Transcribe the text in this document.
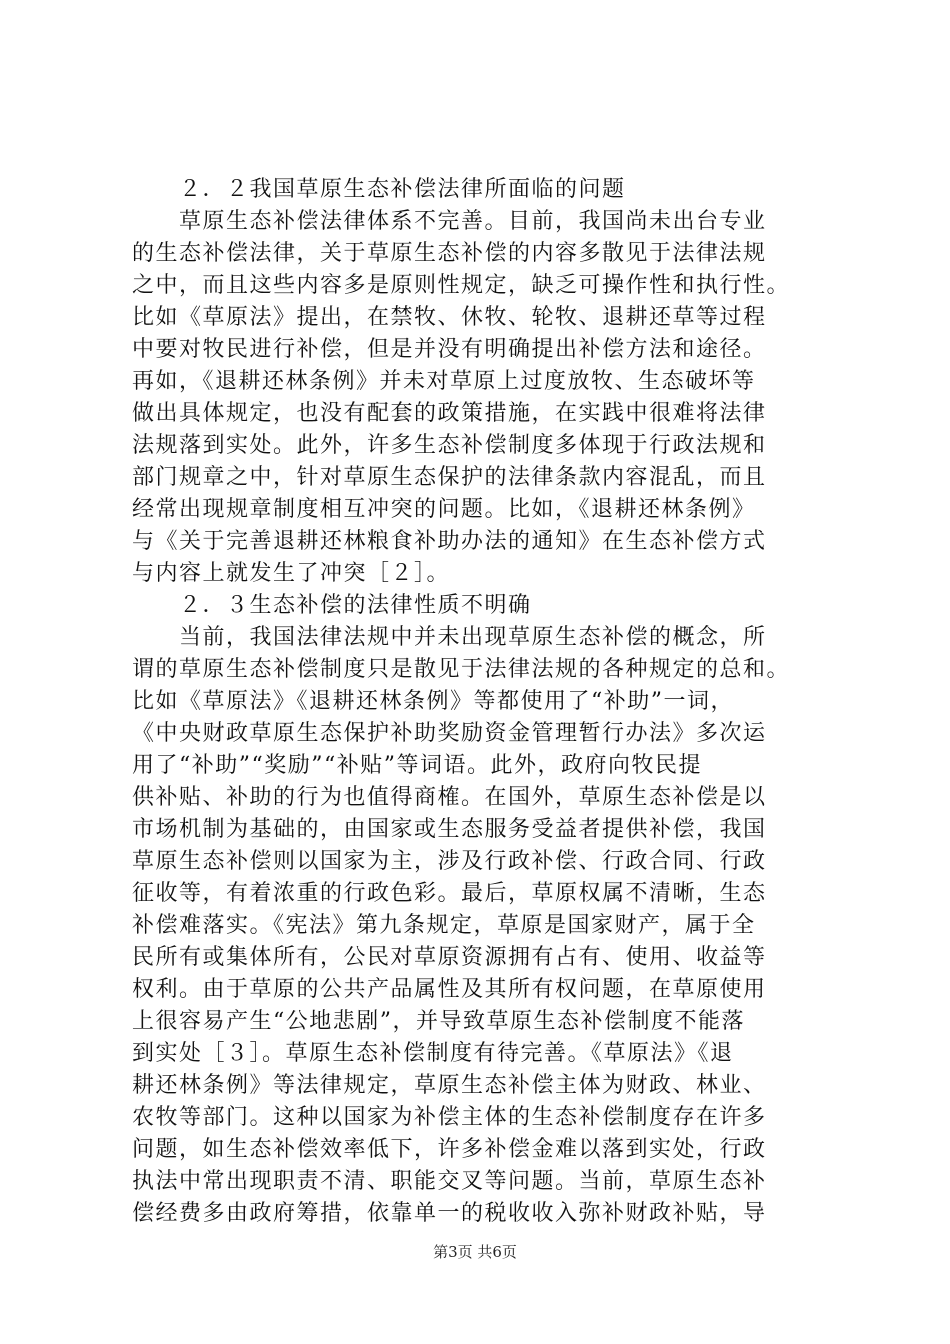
　　２．２我国草原生态补偿法律所面临的问题
　　草原生态补偿法律体系不完善。目前，我国尚未出台专业
的生态补偿法律，关于草原生态补偿的内容多散见于法律法规
之中，而且这些内容多是原则性规定，缺乏可操作性和执行性。
比如《草原法》提出，在禁牧、休牧、轮牧、退耕还草等过程
中要对牧民进行补偿，但是并没有明确提出补偿方法和途径。
再如，《退耕还林条例》并未对草原上过度放牧、生态破坏等
做出具体规定，也没有配套的政策措施，在实践中很难将法律
法规落到实处。此外，许多生态补偿制度多体现于行政法规和
部门规章之中，针对草原生态保护的法律条款内容混乱，而且
经常出现规章制度相互冲突的问题。比如，《退耕还林条例》
与《关于完善退耕还林粮食补助办法的通知》在生态补偿方式
与内容上就发生了冲突［２］。
　　２．３生态补偿的法律性质不明确
　　当前，我国法律法规中并未出现草原生态补偿的概念，所
谓的草原生态补偿制度只是散见于法律法规的各种规定的总和。
比如《草原法》《退耕还林条例》等都使用了“补助”一词，
《中央财政草原生态保护补助奖励资金管理暂行办法》多次运
用了“补助”“奖励”“补贴”等词语。此外，政府向牧民提
供补贴、补助的行为也值得商榷。在国外，草原生态补偿是以
市场机制为基础的，由国家或生态服务受益者提供补偿，我国
草原生态补偿则以国家为主，涉及行政补偿、行政合同、行政
征收等，有着浓重的行政色彩。最后，草原权属不清晰，生态
补偿难落实。《宪法》第九条规定，草原是国家财产，属于全
民所有或集体所有，公民对草原资源拥有占有、使用、收益等
权利。由于草原的公共产品属性及其所有权问题，在草原使用
上很容易产生“公地悲剧”，并导致草原生态补偿制度不能落
到实处［３］。草原生态补偿制度有待完善。《草原法》《退
耕还林条例》等法律规定，草原生态补偿主体为财政、林业、
农牧等部门。这种以国家为补偿主体的生态补偿制度存在许多
问题，如生态补偿效率低下，许多补偿金难以落到实处，行政
执法中常出现职责不清、职能交叉等问题。当前，草原生态补
偿经费多由政府筹措，依靠单一的税收收入弥补财政补贴，导
第3页 共6页
